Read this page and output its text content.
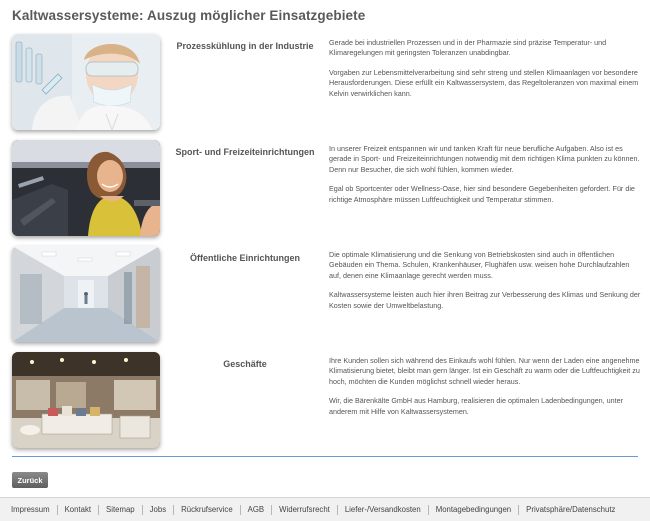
Kaltwassersysteme: Auszug möglicher Einsatzgebiete
Prozesskühlung in der Industrie	Gerade bei industriellen Prozessen und in der Pharmazie sind präzise Temperatur- und Klimaregelungen mit geringsten Toleranzen unabdingbar.

Vorgaben zur Lebensmittelverarbeitung sind sehr streng und stellen Klimaanlagen vor besondere Herausforderungen. Diese erfüllt ein Kaltwassersystem, das Regeltoleranzen von maximal einem Kelvin verwirklichen kann.

Sport- und Freizeiteinrichtungen	In unserer Freizeit entspannen wir und tanken Kraft für neue berufliche Aufgaben. Also ist es gerade in Sport- und Freizeiteinrichtungen notwendig mit dem richtigen Klima punkten zu können. Denn nur Besucher, die sich wohl fühlen, kommen wieder.

Egal ob Sportcenter oder Wellness-Oase, hier sind besondere Gegebenheiten gefordert. Für die richtige Atmosphäre müssen Luftfeuchtigkeit und Temperatur stimmen.

Öffentliche Einrichtungen	Die optimale Klimatisierung und die Senkung von Betriebskosten sind auch in öffentlichen Gebäuden ein Thema. Schulen, Krankenhäuser, Flughäfen usw. weisen hohe Durchlaufzahlen auf, denen eine Klimaanlage gerecht werden muss.

Kaltwassersysteme leisten auch hier ihren Beitrag zur Verbesserung des Klimas und Senkung der Kosten sowie der Umweltbelastung.

Geschäfte	Ihre Kunden sollen sich während des Einkaufs wohl fühlen. Nur wenn der Laden eine angenehme Klimatisierung bietet, bleibt man gern länger. Ist ein Geschäft zu warm oder die Luftfeuchtigkeit zu hoch, möchten die Kunden möglichst schnell wieder heraus.

Wir, die Bärenkälte GmbH aus Hamburg, realisieren die optimalen Ladenbedingungen, unter anderem mit Hilfe von Kaltwassersystemen.

Zurück
Impressum	Kontakt	Sitemap	Jobs	Rückrufservice	AGB	Widerrufsrecht	Liefer-/Versandkosten	Montagebedingungen	Privatsphäre/Datenschutz
